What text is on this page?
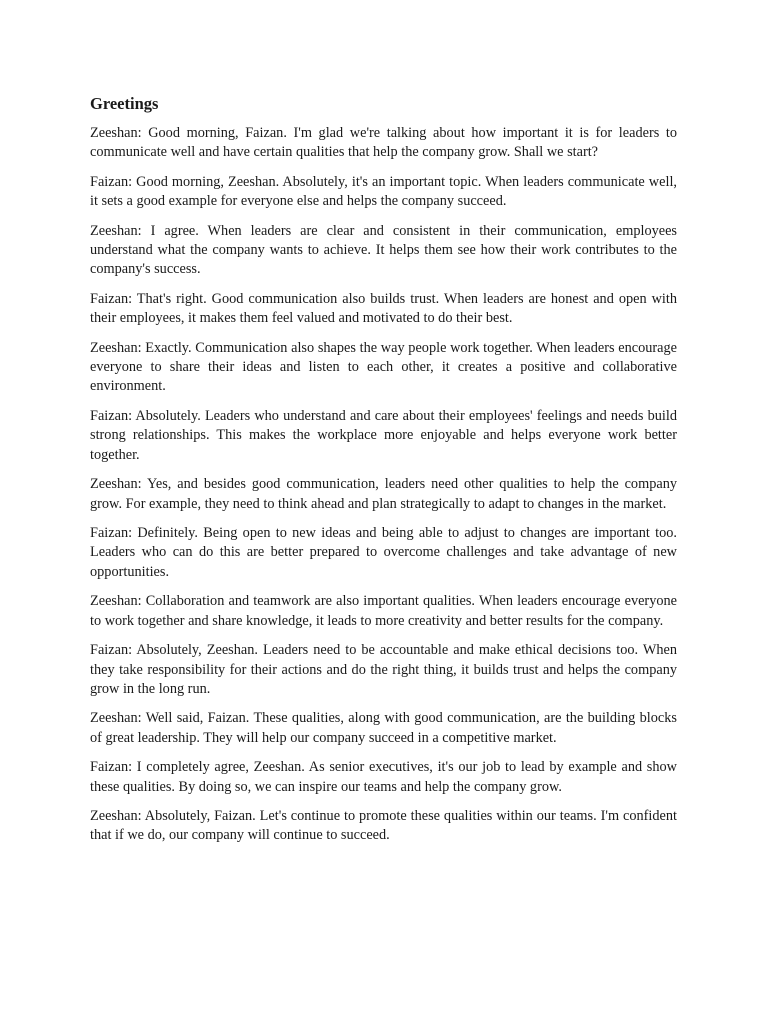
Greetings

Zeeshan: Good morning, Faizan. I'm glad we're talking about how important it is for leaders to communicate well and have certain qualities that help the company grow. Shall we start?

Faizan: Good morning, Zeeshan. Absolutely, it's an important topic. When leaders communicate well, it sets a good example for everyone else and helps the company succeed.

Zeeshan: I agree. When leaders are clear and consistent in their communication, employees understand what the company wants to achieve. It helps them see how their work contributes to the company's success.

Faizan: That's right. Good communication also builds trust. When leaders are honest and open with their employees, it makes them feel valued and motivated to do their best.

Zeeshan: Exactly. Communication also shapes the way people work together. When leaders encourage everyone to share their ideas and listen to each other, it creates a positive and collaborative environment.

Faizan: Absolutely. Leaders who understand and care about their employees' feelings and needs build strong relationships. This makes the workplace more enjoyable and helps everyone work better together.

Zeeshan: Yes, and besides good communication, leaders need other qualities to help the company grow. For example, they need to think ahead and plan strategically to adapt to changes in the market.

Faizan: Definitely. Being open to new ideas and being able to adjust to changes are important too. Leaders who can do this are better prepared to overcome challenges and take advantage of new opportunities.

Zeeshan: Collaboration and teamwork are also important qualities. When leaders encourage everyone to work together and share knowledge, it leads to more creativity and better results for the company.

Faizan: Absolutely, Zeeshan. Leaders need to be accountable and make ethical decisions too. When they take responsibility for their actions and do the right thing, it builds trust and helps the company grow in the long run.

Zeeshan: Well said, Faizan. These qualities, along with good communication, are the building blocks of great leadership. They will help our company succeed in a competitive market.

Faizan: I completely agree, Zeeshan. As senior executives, it's our job to lead by example and show these qualities. By doing so, we can inspire our teams and help the company grow.

Zeeshan: Absolutely, Faizan. Let's continue to promote these qualities within our teams. I'm confident that if we do, our company will continue to succeed.
